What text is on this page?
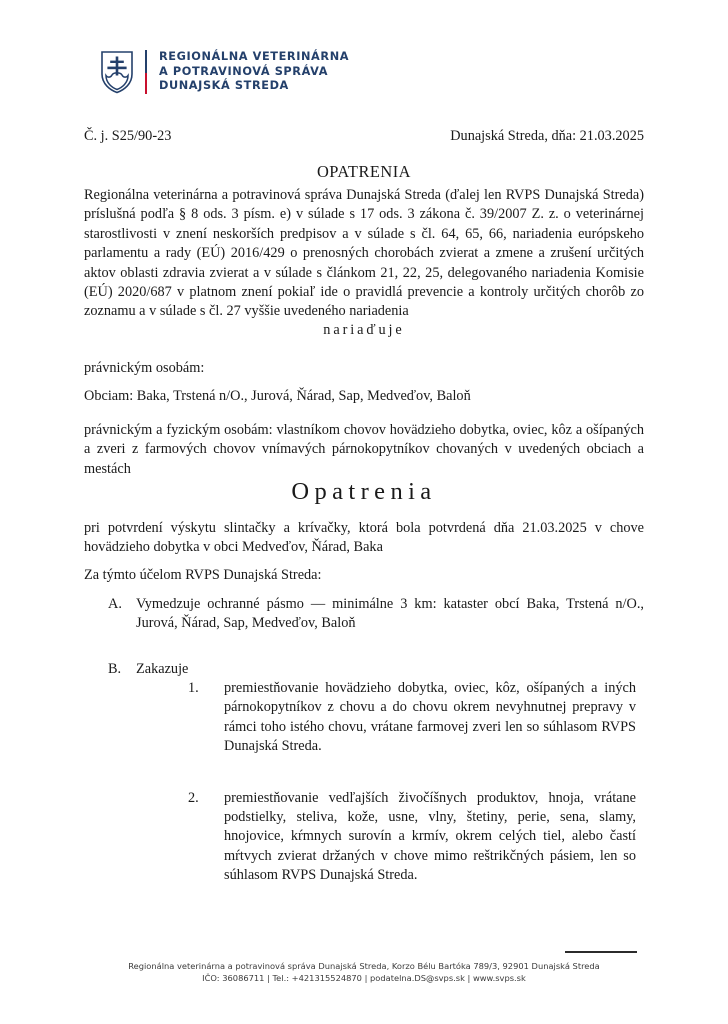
REGIONÁLNA VETERINÁRNA
A POTRAVINOVÁ SPRÁVA
DUNAJSKÁ STREDA
Č. j. S25/90-23	Dunajská Streda, dňa: 21.03.2025
OPATRENIA
Regionálna veterinárna a potravinová správa Dunajská Streda (ďalej len RVPS Dunajská Streda) príslušná podľa § 8 ods. 3 písm. e) v súlade s 17 ods. 3 zákona č. 39/2007 Z. z. o veterinárnej starostlivosti v znení neskorších predpisov a v súlade s čl. 64, 65, 66, nariadenia európskeho parlamentu a rady (EÚ) 2016/429 o prenosných chorobách zvierat a zmene a zrušení určitých aktov oblasti zdravia zvierat a v súlade s článkom 21, 22, 25, delegovaného nariadenia Komisie (EÚ) 2020/687 v platnom znení pokiaľ ide o pravidlá prevencie a kontroly určitých chorôb zo zoznamu a v súlade s čl. 27 vyššie uvedeného nariadenia
nariaďuje
právnickým osobám:
Obciam: Baka, Trstená n/O., Jurová, Ňárad, Sap, Medveďov, Baloň
právnickým a fyzickým osobám: vlastníkom chovov hovädzieho dobytka, oviec, kôz a ošípaných a zveri z farmových chovov vnímavých párnokopytníkov chovaných v uvedených obciach a mestách
Opatrenia
pri potvrdení výskytu slintačky a krívačky, ktorá bola potvrdená dňa 21.03.2025 v chove hovädzieho dobytka v obci Medveďov, Ňárad, Baka
Za týmto účelom RVPS Dunajská Streda:
A. Vymedzuje ochranné pásmo — minimálne 3 km: kataster obcí Baka, Trstená n/O., Jurová, Ňárad, Sap, Medveďov, Baloň
B.	Zakazuje
1.	premiestňovanie hovädzieho dobytka, oviec, kôz, ošípaných a iných párnokopytníkov z chovu a do chovu okrem nevyhnutnej prepravy v rámci toho istého chovu, vrátane farmovej zveri len so súhlasom RVPS Dunajská Streda.
2.	premiestňovanie vedľajších živočíšnych produktov, hnoja, vrátane podstielky, steliva, kože, usne, vlny, štetiny, perie, sena, slamy, hnojovice, kŕmnych surovín a krmív, okrem celých tiel, alebo častí mŕtvych zvierat držaných v chove mimo reštrikčných pásiem, len so súhlasom RVPS Dunajská Streda.
Regionálna veterinárna a potravinová správa Dunajská Streda, Korzo Bélu Bartóka 789/3, 92901 Dunajská Streda
IČO: 36086711 | Tel.: +421315524870 | podatelna.DS@svps.sk | www.svps.sk
